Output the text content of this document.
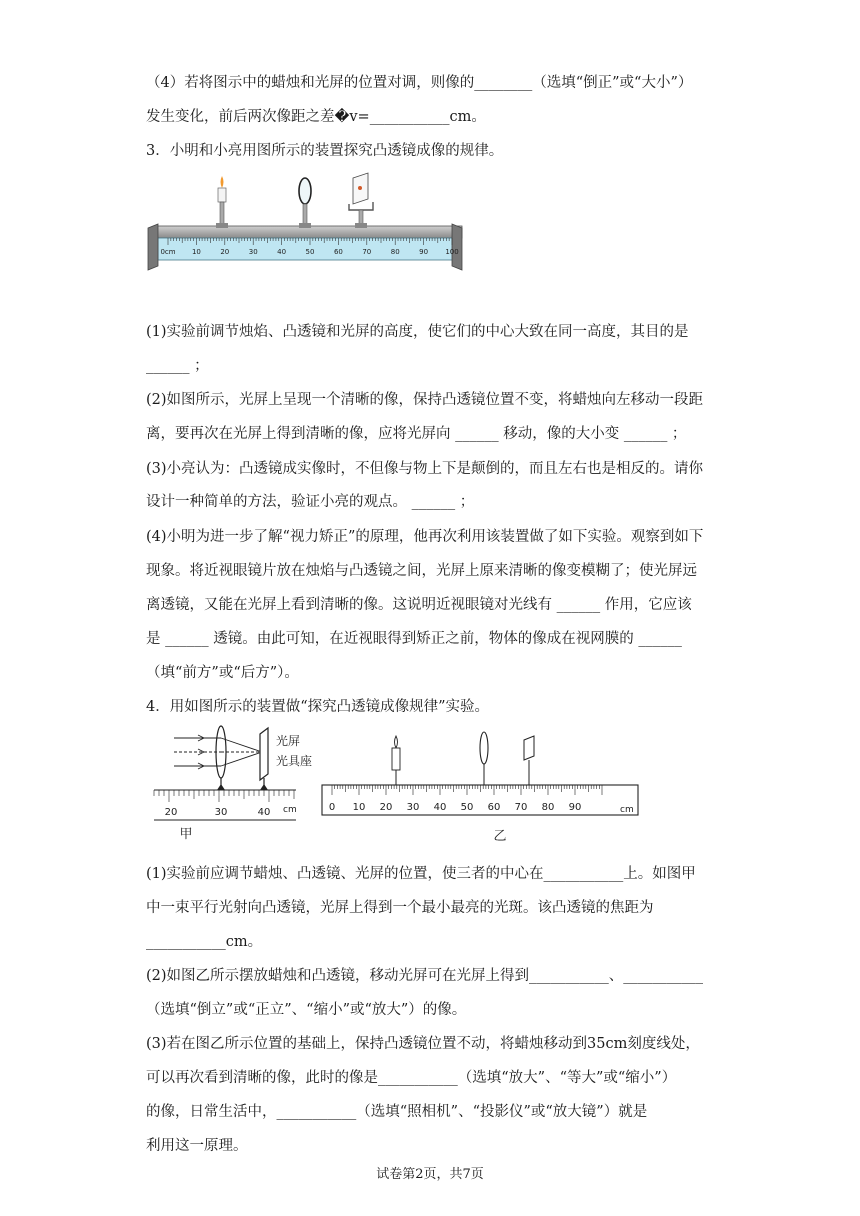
（4）若将图示中的蜡烛和光屏的位置对调，则像的________（选填“倒正”或“大小”）
发生变化，前后两次像距之差�v=___________cm。
3．小明和小亮用图所示的装置探究凸透镜成像的规律。
0cm 10	20	30	40	50	60	70	80	90 100
(1)实验前调节烛焰、凸透镜和光屏的高度，使它们的中心大致在同一高度，其目的是
______ ；
(2)如图所示，光屏上呈现一个清晰的像，保持凸透镜位置不变，将蜡烛向左移动一段距
离，要再次在光屏上得到清晰的像，应将光屏向 ______ 移动，像的大小变 ______ ；
(3)小亮认为：凸透镜成实像时，不但像与物上下是颠倒的，而且左右也是相反的。请你
设计一种简单的方法，验证小亮的观点。 ______ ；
(4)小明为进一步了解“视力矫正”的原理，他再次利用该装置做了如下实验。观察到如下
现象。将近视眼镜片放在烛焰与凸透镜之间，光屏上原来清晰的像变模糊了；使光屏远
离透镜，又能在光屏上看到清晰的像。这说明近视眼镜对光线有 ______ 作用，它应该
是 ______ 透镜。由此可知，在近视眼得到矫正之前，物体的像成在视网膜的 ______
（填“前方”或“后方”）。
4．用如图所示的装置做“探究凸透镜成像规律”实验。
光屏
光具座
20	30	40 cm
甲
0 10 20 30 40 50 60 70 80 90	cm
乙
(1)实验前应调节蜡烛、凸透镜、光屏的位置，使三者的中心在___________上。如图甲
中一束平行光射向凸透镜，光屏上得到一个最小最亮的光斑。该凸透镜的焦距为
___________cm。
(2)如图乙所示摆放蜡烛和凸透镜，移动光屏可在光屏上得到___________、___________
（选填“倒立”或“正立”、“缩小”或“放大”）的像。
(3)若在图乙所示位置的基础上，保持凸透镜位置不动，将蜡烛移动到35cm刻度线处，
可以再次看到清晰的像，此时的像是___________（选填“放大”、“等大”或“缩小”）
的像，日常生活中，___________（选填“照相机”、“投影仪”或“放大镜”）就是
利用这一原理。
试卷第2页，共7页
